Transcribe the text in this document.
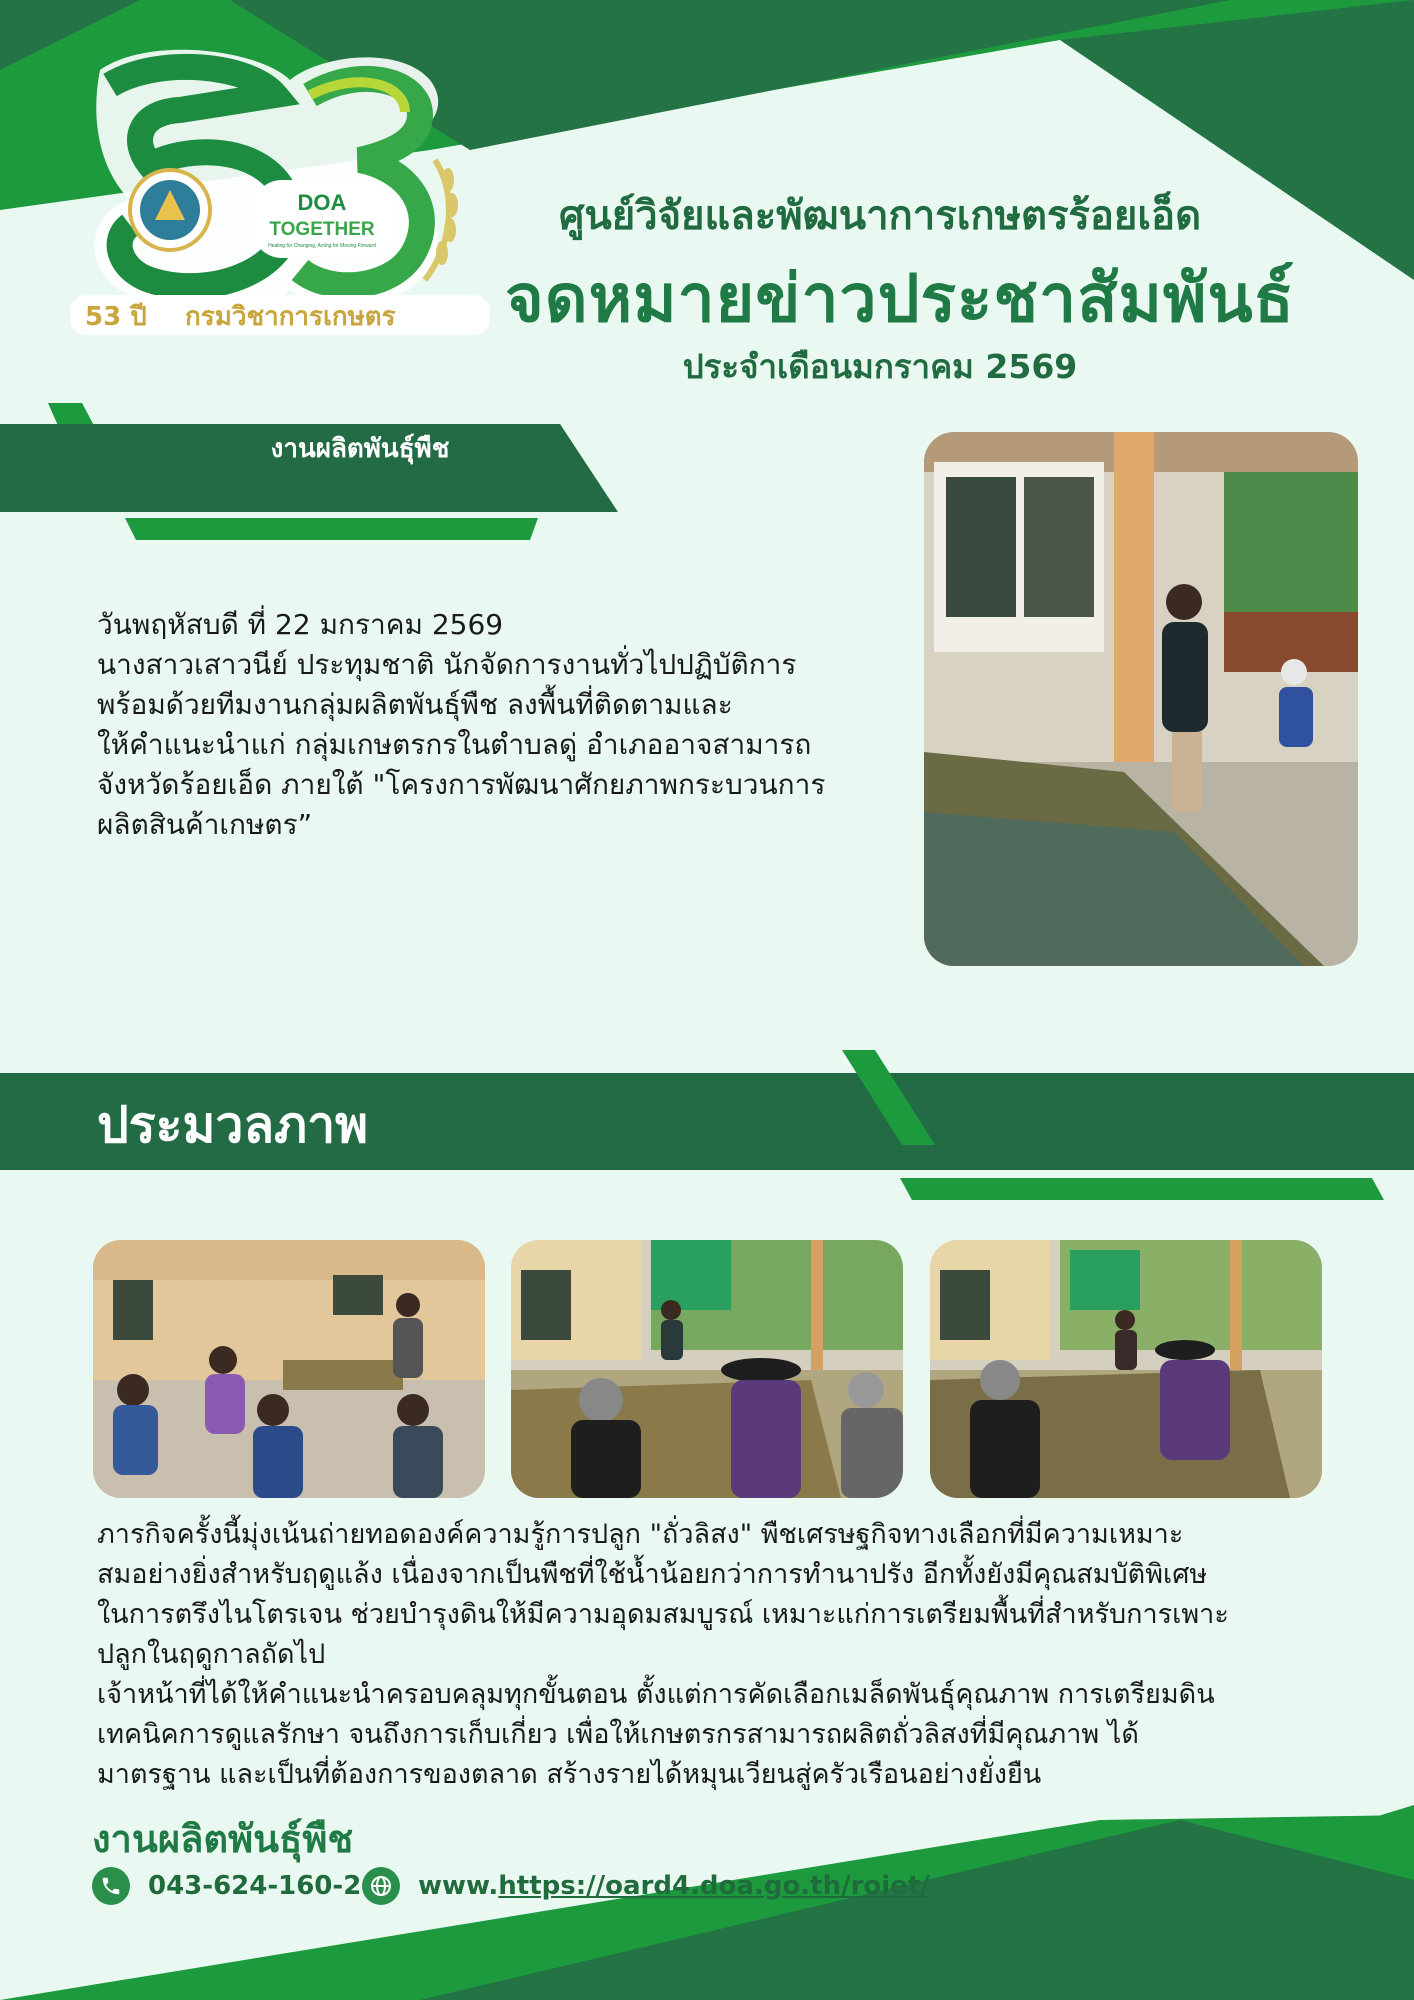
DOA
TOGETHER
Healing for Changing, Acting for Moving Forward
53 ปี กรมวิชาการเกษตร
53
ศูนย์วิจัยและพัฒนาการเกษตรร้อยเอ็ด
จดหมายข่าวประชาสัมพันธ์
ประจำเดือนมกราคม 2569
งานผลิตพันธุ์พืช

วันพฤหัสบดี ที่ 22 มกราคม 2569

นางสาวเสาวนีย์ ประทุมชาติ นักจัดการงานทั่วไปปฏิบัติการ

พร้อมด้วยทีมงานกลุ่มผลิตพันธุ์พืช ลงพื้นที่ติดตามและ

ให้คำแนะนำแก่ กลุ่มเกษตรกรในตำบลดู่ อำเภออาจสามารถ

จังหวัดร้อยเอ็ด ภายใต้ "โครงการพัฒนาศักยภาพกระบวนการ

ผลิตสินค้าเกษตร”

ประมวลภาพ

ภารกิจครั้งนี้มุ่งเน้นถ่ายทอดองค์ความรู้การปลูก "ถั่วลิสง" พืชเศรษฐกิจทางเลือกที่มีความเหมาะ

สมอย่างยิ่งสำหรับฤดูแล้ง เนื่องจากเป็นพืชที่ใช้น้ำน้อยกว่าการทำนาปรัง อีกทั้งยังมีคุณสมบัติพิเศษ

ในการตรึงไนโตรเจน ช่วยบำรุงดินให้มีความอุดมสมบูรณ์ เหมาะแก่การเตรียมพื้นที่สำหรับการเพาะ

ปลูกในฤดูกาลถัดไป

เจ้าหน้าที่ได้ให้คำแนะนำครอบคลุมทุกขั้นตอน ตั้งแต่การคัดเลือกเมล็ดพันธุ์คุณภาพ การเตรียมดิน

เทคนิคการดูแลรักษา จนถึงการเก็บเกี่ยว เพื่อให้เกษตรกรสามารถผลิตถั่วลิสงที่มีคุณภาพ ได้

มาตรฐาน และเป็นที่ต้องการของตลาด สร้างรายได้หมุนเวียนสู่ครัวเรือนอย่างยั่งยืน

งานผลิตพันธุ์พืช
043-624-160-2 www.https://oard4.doa.go.th/roiet/
